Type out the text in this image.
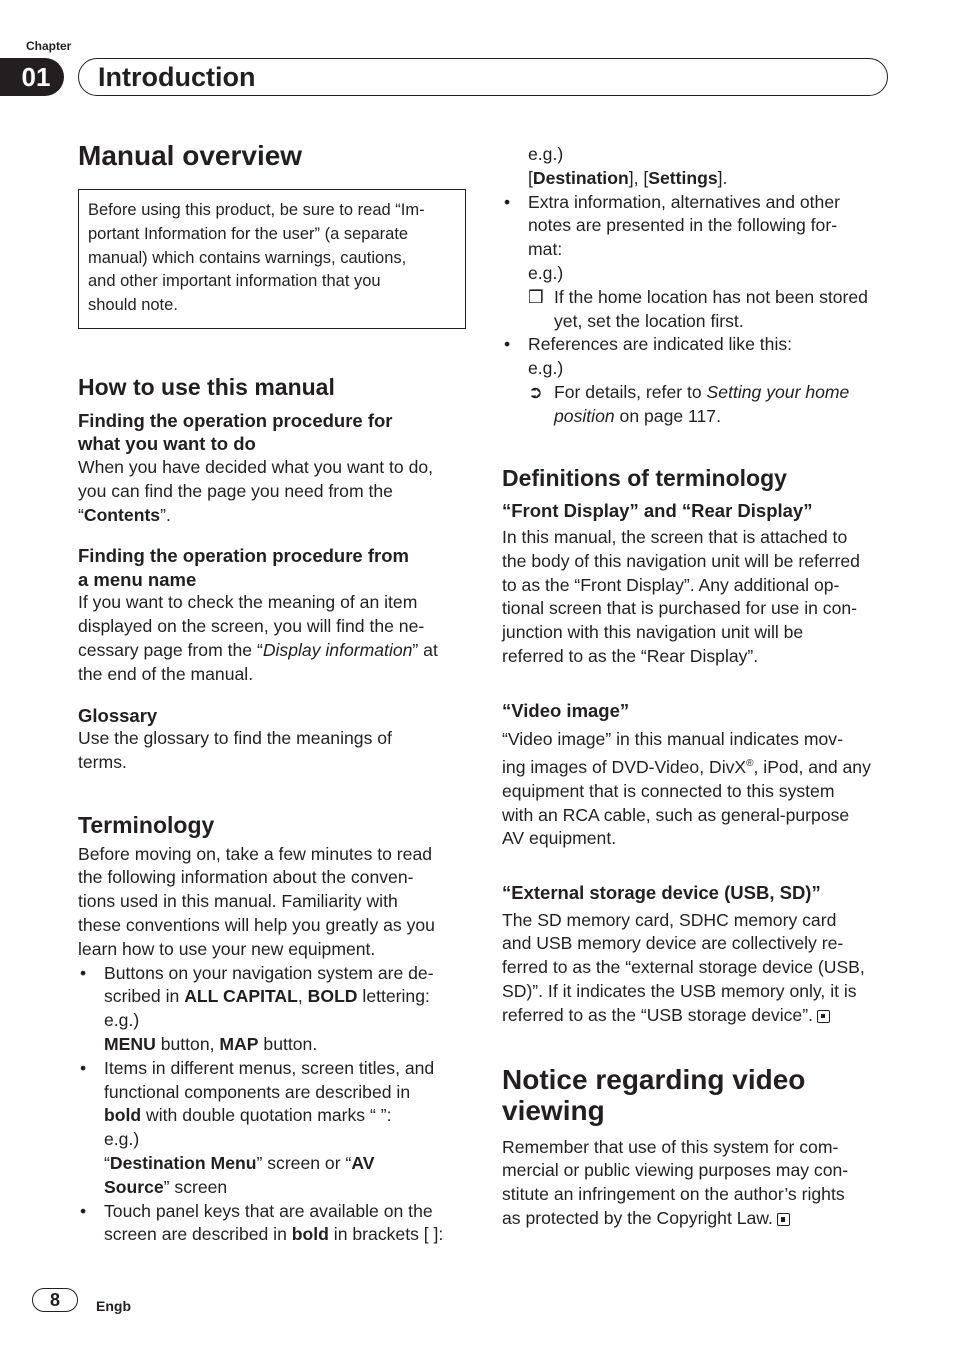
Chapter
01	Introduction
Manual overview
Before using this product, be sure to read “Im-
portant Information for the user” (a separate
manual) which contains warnings, cautions,
and other important information that you
should note.
How to use this manual
Finding the operation procedure for
what you want to do
When you have decided what you want to do,
you can find the page you need from the
“Contents”.
Finding the operation procedure from
a menu name
If you want to check the meaning of an item
displayed on the screen, you will find the ne-
cessary page from the “Display information” at
the end of the manual.
Glossary
Use the glossary to find the meanings of
terms.
Terminology
Before moving on, take a few minutes to read
the following information about the conven-
tions used in this manual. Familiarity with
these conventions will help you greatly as you
learn how to use your new equipment.
• Buttons on your navigation system are de-
scribed in ALL CAPITAL, BOLD lettering:
e.g.)
MENU button, MAP button.
• Items in different menus, screen titles, and
functional components are described in
bold with double quotation marks “ ”:
e.g.)
“Destination Menu” screen or “AV
Source” screen
• Touch panel keys that are available on the
screen are described in bold in brackets [ ]:
e.g.)
[Destination], [Settings].
• Extra information, alternatives and other
notes are presented in the following for-
mat:
e.g.)
❒ If the home location has not been stored
yet, set the location first.
• References are indicated like this:
e.g.)
➲ For details, refer to Setting your home
position on page 117.
Definitions of terminology
“Front Display” and “Rear Display”
In this manual, the screen that is attached to
the body of this navigation unit will be referred
to as the “Front Display”. Any additional op-
tional screen that is purchased for use in con-
junction with this navigation unit will be
referred to as the “Rear Display”.
“Video image”
“Video image” in this manual indicates mov-
ing images of DVD-Video, DivX®, iPod, and any
equipment that is connected to this system
with an RCA cable, such as general-purpose
AV equipment.
“External storage device (USB, SD)”
The SD memory card, SDHC memory card
and USB memory device are collectively re-
ferred to as the “external storage device (USB,
SD)”. If it indicates the USB memory only, it is
referred to as the “USB storage device”.
Notice regarding video
viewing
Remember that use of this system for com-
mercial or public viewing purposes may con-
stitute an infringement on the author’s rights
as protected by the Copyright Law.
8	Engb
